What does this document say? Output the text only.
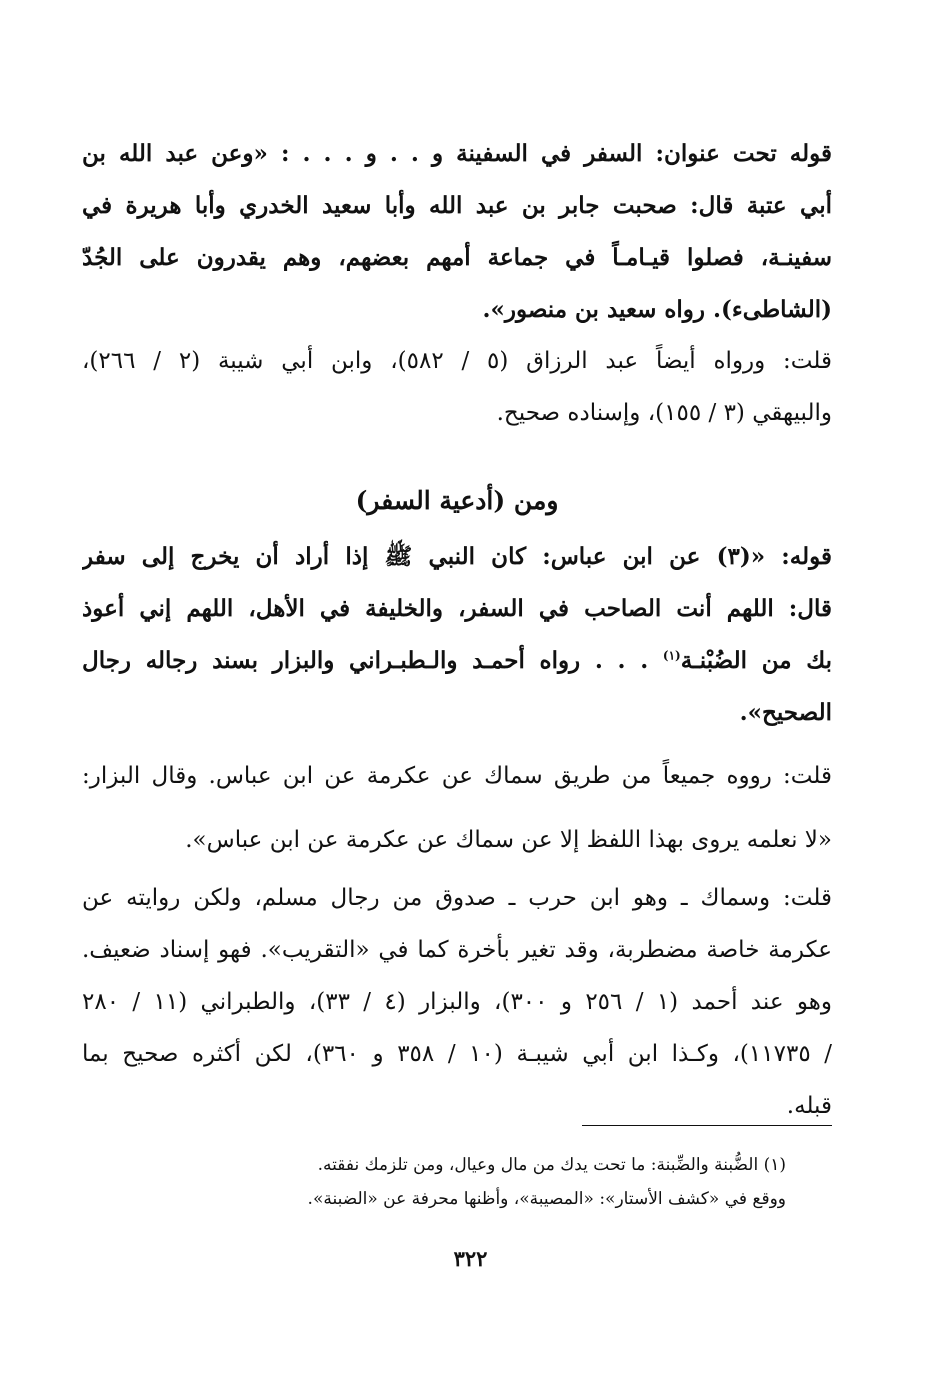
قوله تحت عنوان: السفر في السفينة و . . و . . . : «وعن عبد الله بن
أبي عتبة قال: صحبت جابر بن عبد الله وأبا سعيد الخدري وأبا هريرة في
سفينـة، فصلوا قيـامـاً في جماعة أمهم بعضهم، وهم يقدرون على الجُدّ
(الشاطىء). رواه سعيد بن منصور».
قلت: ورواه أيضاً عبد الرزاق (٥ / ٥٨٢)، وابن أبي شيبة (٢ / ٢٦٦)،
والبيهقي (٣ / ١٥٥)، وإسناده صحيح.
ومن (أدعية السفر)
قوله: «(٣) عن ابن عباس: كان النبي ﷺ إذا أراد أن يخرج إلى سفر
قال: اللهم أنت الصاحب في السفر، والخليفة في الأهل، اللهم إني أعوذ
بك من الضُبْنـة$^{(١)}$ . . . رواه أحمـد والـطبـراني والبزار بسند رجاله رجال
الصحيح».
قلت: رووه جميعاً من طريق سماك عن عكرمة عن ابن عباس. وقال البزار:
«لا نعلمه يروى بهذا اللفظ إلا عن سماك عن عكرمة عن ابن عباس».
قلت: وسماك ـ وهو ابن حرب ـ صدوق من رجال مسلم، ولكن روايته عن
عكرمة خاصة مضطربة، وقد تغير بأخرة كما في «التقريب». فهو إسناد ضعيف.
وهو عند أحمد (١ / ٢٥٦ و ٣٠٠)، والبزار (٤ / ٣٣)، والطبراني (١١ / ٢٨٠
/ ١١٧٣٥)، وكـذا ابن أبي شيبـة (١٠ / ٣٥٨ و ٣٦٠)، لكن أكثره صحيح بما
قبله.
(١) الضُّبنة والضِّبنة: ما تحت يدك من مال وعيال، ومن تلزمك نفقته.
ووقع في «كشف الأستار»: «المصيبة»، وأظنها محرفة عن «الضبنة».
٣٢٢
